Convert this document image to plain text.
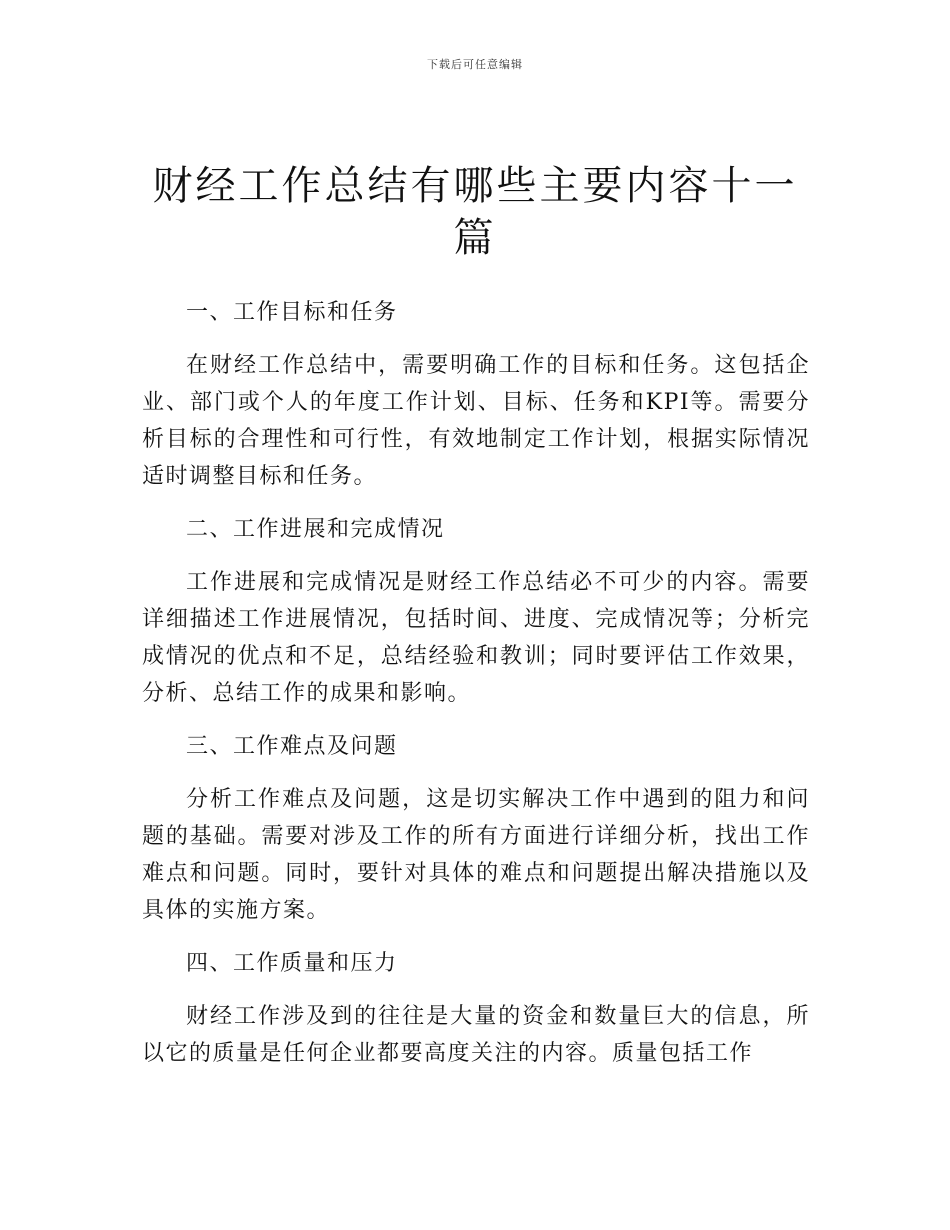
下载后可任意编辑
财经工作总结有哪些主要内容十一篇

一、工作目标和任务

在财经工作总结中，需要明确工作的目标和任务。这包括企业、部门或个人的年度工作计划、目标、任务和KPI等。需要分析目标的合理性和可行性，有效地制定工作计划，根据实际情况适时调整目标和任务。

二、工作进展和完成情况

工作进展和完成情况是财经工作总结必不可少的内容。需要详细描述工作进展情况，包括时间、进度、完成情况等；分析完成情况的优点和不足，总结经验和教训；同时要评估工作效果，分析、总结工作的成果和影响。

三、工作难点及问题

分析工作难点及问题，这是切实解决工作中遇到的阻力和问题的基础。需要对涉及工作的所有方面进行详细分析，找出工作难点和问题。同时，要针对具体的难点和问题提出解决措施以及具体的实施方案。

四、工作质量和压力

财经工作涉及到的往往是大量的资金和数量巨大的信息，所以它的质量是任何企业都要高度关注的内容。质量包括工作
